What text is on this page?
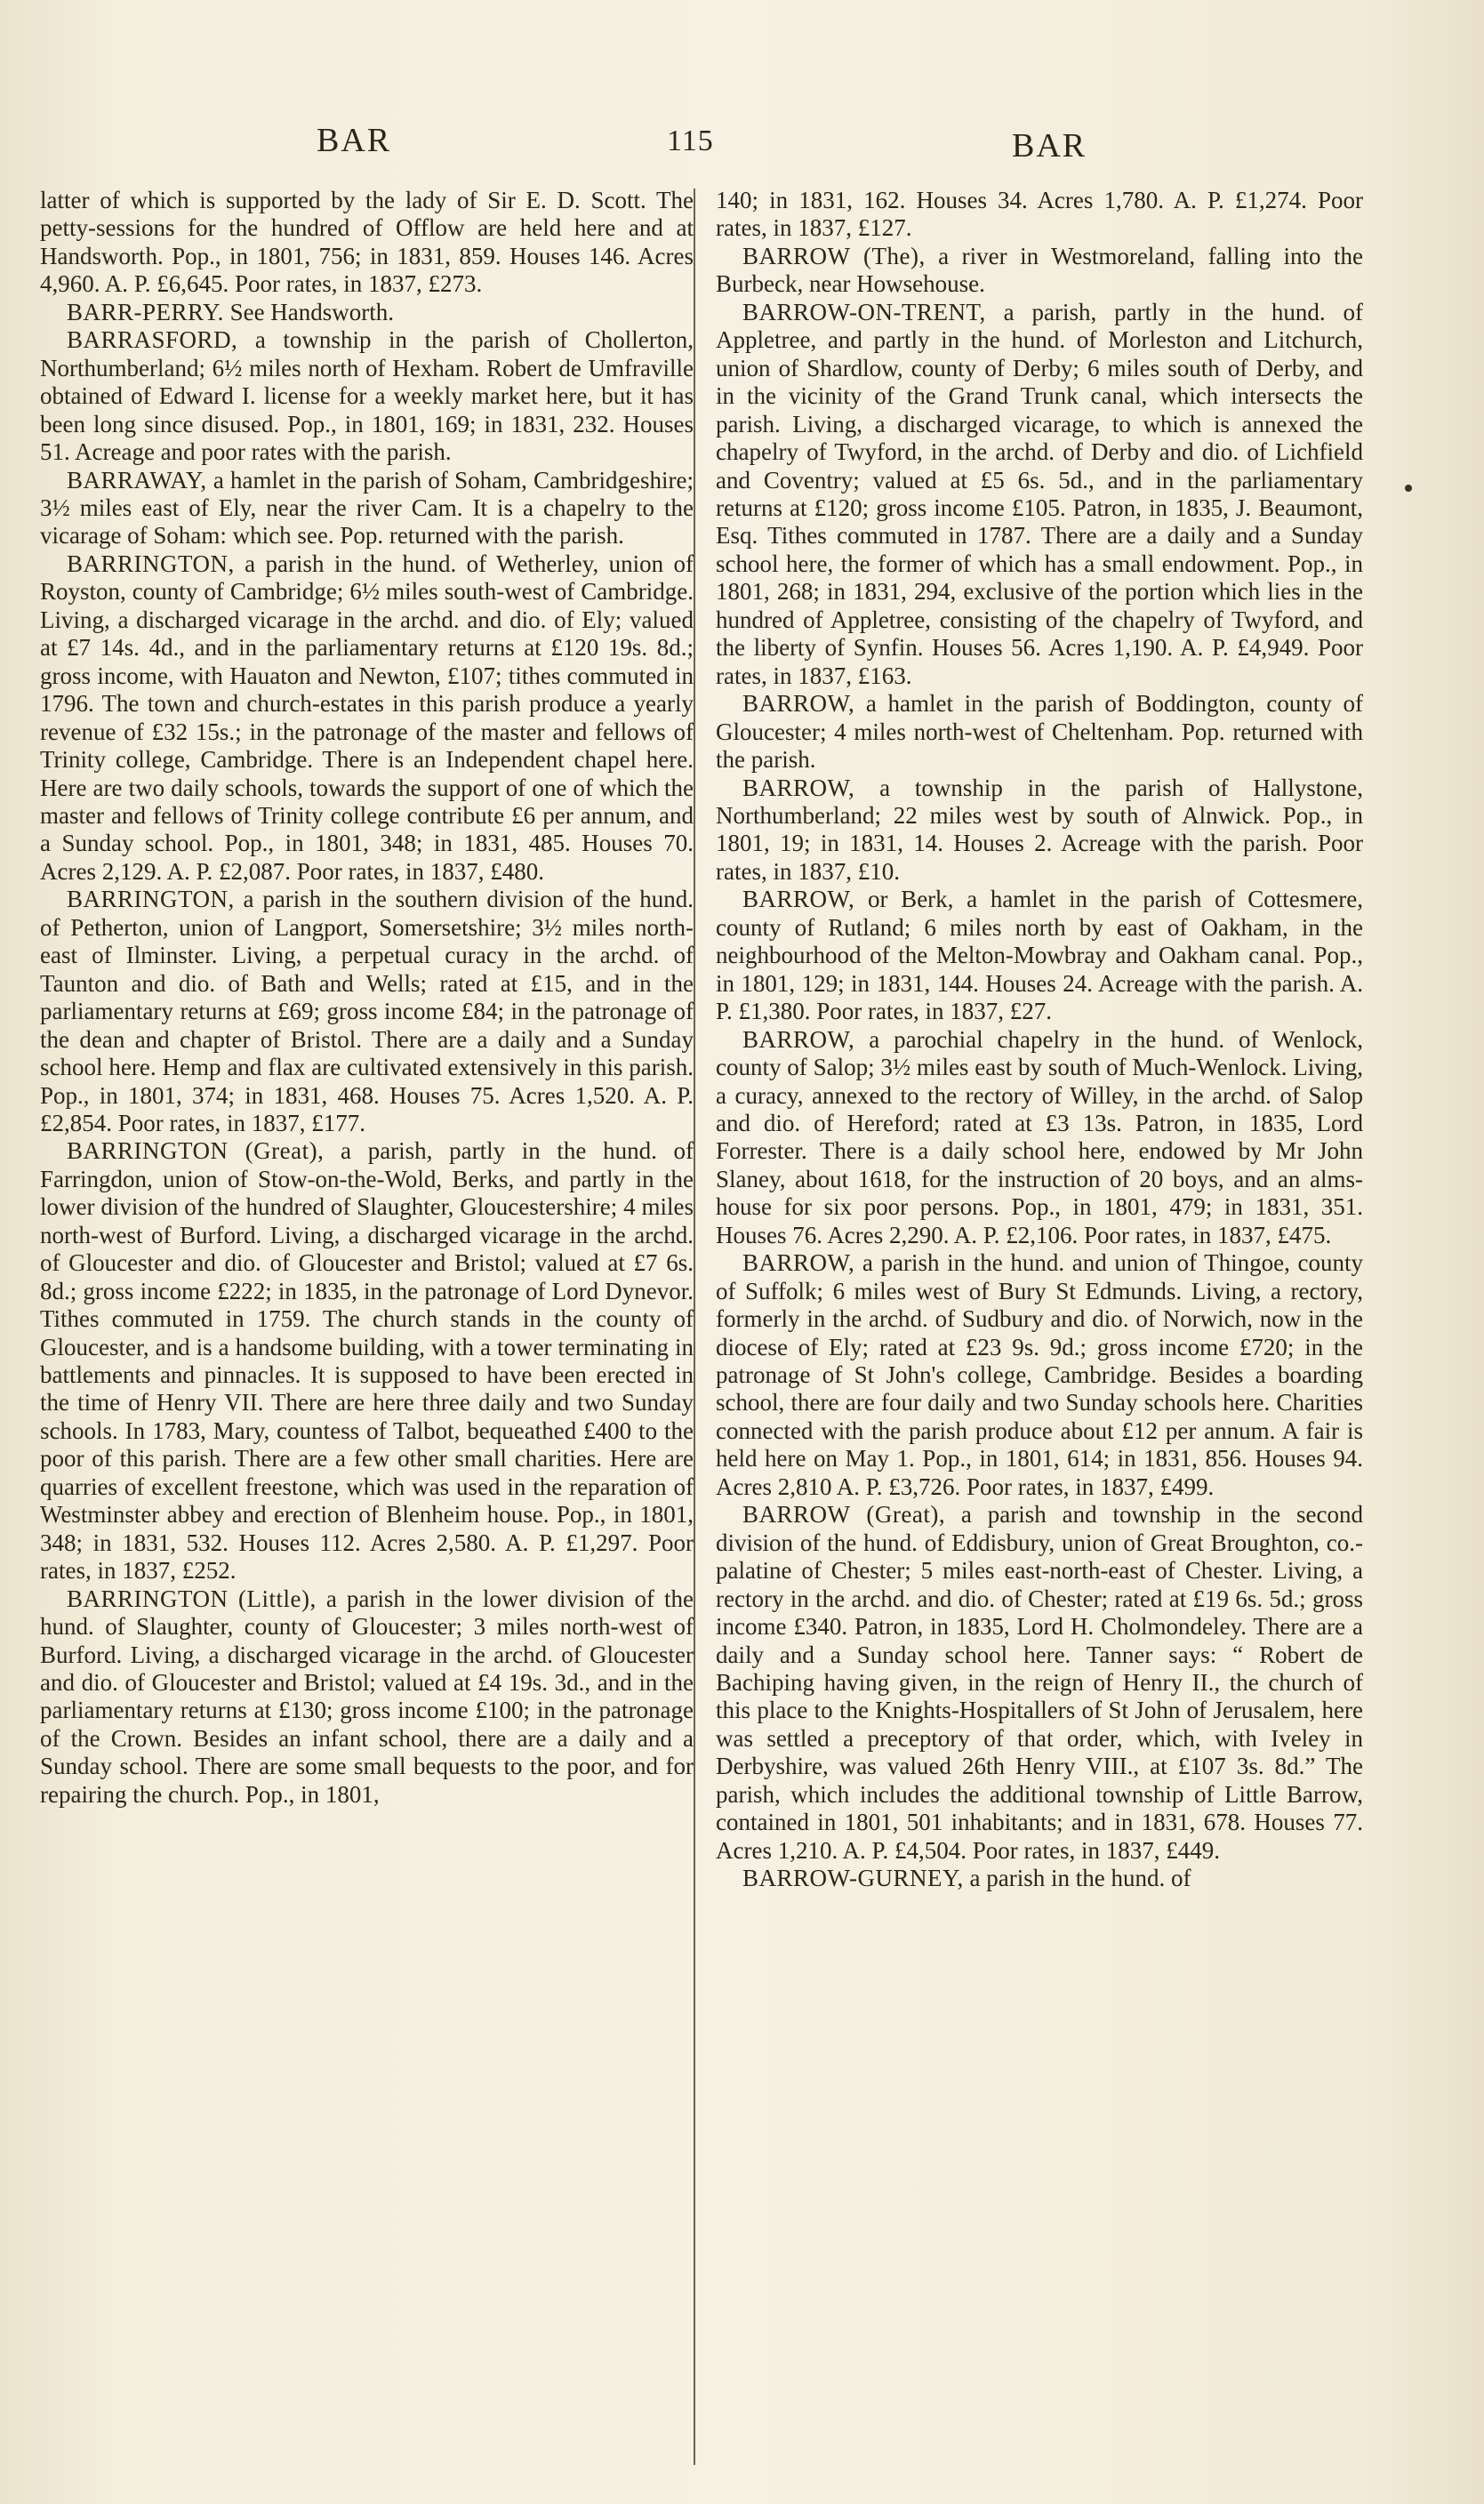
BAR	115	BAR

latter of which is supported by the lady of Sir E. D. Scott. The petty-sessions for the hundred of Offlow are held here and at Handsworth. Pop., in 1801, 756; in 1831, 859. Houses 146. Acres 4,960. A. P. £6,645. Poor rates, in 1837, £273.

BARR-PERRY. See Handsworth.

BARRASFORD, a township in the parish of Chollerton, Northumberland; 6½ miles north of Hexham. Robert de Umfraville obtained of Edward I. license for a weekly market here, but it has been long since disused. Pop., in 1801, 169; in 1831, 232. Houses 51. Acreage and poor rates with the parish.

BARRAWAY, a hamlet in the parish of Soham, Cambridgeshire; 3½ miles east of Ely, near the river Cam. It is a chapelry to the vicarage of Soham: which see. Pop. returned with the parish.

BARRINGTON, a parish in the hund. of Wetherley, union of Royston, county of Cambridge; 6½ miles south-west of Cambridge. Living, a discharged vicarage in the archd. and dio. of Ely; valued at £7 14s. 4d., and in the parliamentary returns at £120 19s. 8d.; gross income, with Hauaton and Newton, £107; tithes commuted in 1796. The town and church-estates in this parish produce a yearly revenue of £32 15s.; in the patronage of the master and fellows of Trinity college, Cambridge. There is an Independent chapel here. Here are two daily schools, towards the support of one of which the master and fellows of Trinity college contribute £6 per annum, and a Sunday school. Pop., in 1801, 348; in 1831, 485. Houses 70. Acres 2,129. A. P. £2,087. Poor rates, in 1837, £480.

BARRINGTON, a parish in the southern division of the hund. of Petherton, union of Langport, Somersetshire; 3½ miles north-east of Ilminster. Living, a perpetual curacy in the archd. of Taunton and dio. of Bath and Wells; rated at £15, and in the parliamentary returns at £69; gross income £84; in the patronage of the dean and chapter of Bristol. There are a daily and a Sunday school here. Hemp and flax are cultivated extensively in this parish. Pop., in 1801, 374; in 1831, 468. Houses 75. Acres 1,520. A. P. £2,854. Poor rates, in 1837, £177.

BARRINGTON (Great), a parish, partly in the hund. of Farringdon, union of Stow-on-the-Wold, Berks, and partly in the lower division of the hundred of Slaughter, Gloucestershire; 4 miles north-west of Burford. Living, a discharged vicarage in the archd. of Gloucester and dio. of Gloucester and Bristol; valued at £7 6s. 8d.; gross income £222; in 1835, in the patronage of Lord Dynevor. Tithes commuted in 1759. The church stands in the county of Gloucester, and is a handsome building, with a tower terminating in battlements and pinnacles. It is supposed to have been erected in the time of Henry VII. There are here three daily and two Sunday schools. In 1783, Mary, countess of Talbot, bequeathed £400 to the poor of this parish. There are a few other small charities. Here are quarries of excellent freestone, which was used in the reparation of Westminster abbey and erection of Blenheim house. Pop., in 1801, 348; in 1831, 532. Houses 112. Acres 2,580. A. P. £1,297. Poor rates, in 1837, £252.

BARRINGTON (Little), a parish in the lower division of the hund. of Slaughter, county of Gloucester; 3 miles north-west of Burford. Living, a discharged vicarage in the archd. of Gloucester and dio. of Gloucester and Bristol; valued at £4 19s. 3d., and in the parliamentary returns at £130; gross income £100; in the patronage of the Crown. Besides an infant school, there are a daily and a Sunday school. There are some small bequests to the poor, and for repairing the church. Pop., in 1801,

140; in 1831, 162. Houses 34. Acres 1,780. A. P. £1,274. Poor rates, in 1837, £127.

BARROW (The), a river in Westmoreland, falling into the Burbeck, near Howsehouse.

BARROW-ON-TRENT, a parish, partly in the hund. of Appletree, and partly in the hund. of Morleston and Litchurch, union of Shardlow, county of Derby; 6 miles south of Derby, and in the vicinity of the Grand Trunk canal, which intersects the parish. Living, a discharged vicarage, to which is annexed the chapelry of Twyford, in the archd. of Derby and dio. of Lichfield and Coventry; valued at £5 6s. 5d., and in the parliamentary returns at £120; gross income £105. Patron, in 1835, J. Beaumont, Esq. Tithes commuted in 1787. There are a daily and a Sunday school here, the former of which has a small endowment. Pop., in 1801, 268; in 1831, 294, exclusive of the portion which lies in the hundred of Appletree, consisting of the chapelry of Twyford, and the liberty of Synfin. Houses 56. Acres 1,190. A. P. £4,949. Poor rates, in 1837, £163.

BARROW, a hamlet in the parish of Boddington, county of Gloucester; 4 miles north-west of Cheltenham. Pop. returned with the parish.

BARROW, a township in the parish of Hallystone, Northumberland; 22 miles west by south of Alnwick. Pop., in 1801, 19; in 1831, 14. Houses 2. Acreage with the parish. Poor rates, in 1837, £10.

BARROW, or Berk, a hamlet in the parish of Cottesmere, county of Rutland; 6 miles north by east of Oakham, in the neighbourhood of the Melton-Mowbray and Oakham canal. Pop., in 1801, 129; in 1831, 144. Houses 24. Acreage with the parish. A. P. £1,380. Poor rates, in 1837, £27.

BARROW, a parochial chapelry in the hund. of Wenlock, county of Salop; 3½ miles east by south of Much-Wenlock. Living, a curacy, annexed to the rectory of Willey, in the archd. of Salop and dio. of Hereford; rated at £3 13s. Patron, in 1835, Lord Forrester. There is a daily school here, endowed by Mr John Slaney, about 1618, for the instruction of 20 boys, and an alms-house for six poor persons. Pop., in 1801, 479; in 1831, 351. Houses 76. Acres 2,290. A. P. £2,106. Poor rates, in 1837, £475.

BARROW, a parish in the hund. and union of Thingoe, county of Suffolk; 6 miles west of Bury St Edmunds. Living, a rectory, formerly in the archd. of Sudbury and dio. of Norwich, now in the diocese of Ely; rated at £23 9s. 9d.; gross income £720; in the patronage of St John's college, Cambridge. Besides a boarding school, there are four daily and two Sunday schools here. Charities connected with the parish produce about £12 per annum. A fair is held here on May 1. Pop., in 1801, 614; in 1831, 856. Houses 94. Acres 2,810 A. P. £3,726. Poor rates, in 1837, £499.

BARROW (Great), a parish and township in the second division of the hund. of Eddisbury, union of Great Broughton, co.-palatine of Chester; 5 miles east-north-east of Chester. Living, a rectory in the archd. and dio. of Chester; rated at £19 6s. 5d.; gross income £340. Patron, in 1835, Lord H. Cholmondeley. There are a daily and a Sunday school here. Tanner says: “ Robert de Bachiping having given, in the reign of Henry II., the church of this place to the Knights-Hospitallers of St John of Jerusalem, here was settled a preceptory of that order, which, with Iveley in Derbyshire, was valued 26th Henry VIII., at £107 3s. 8d.” The parish, which includes the additional township of Little Barrow, contained in 1801, 501 inhabitants; and in 1831, 678. Houses 77. Acres 1,210. A. P. £4,504. Poor rates, in 1837, £449.

BARROW-GURNEY, a parish in the hund. of
